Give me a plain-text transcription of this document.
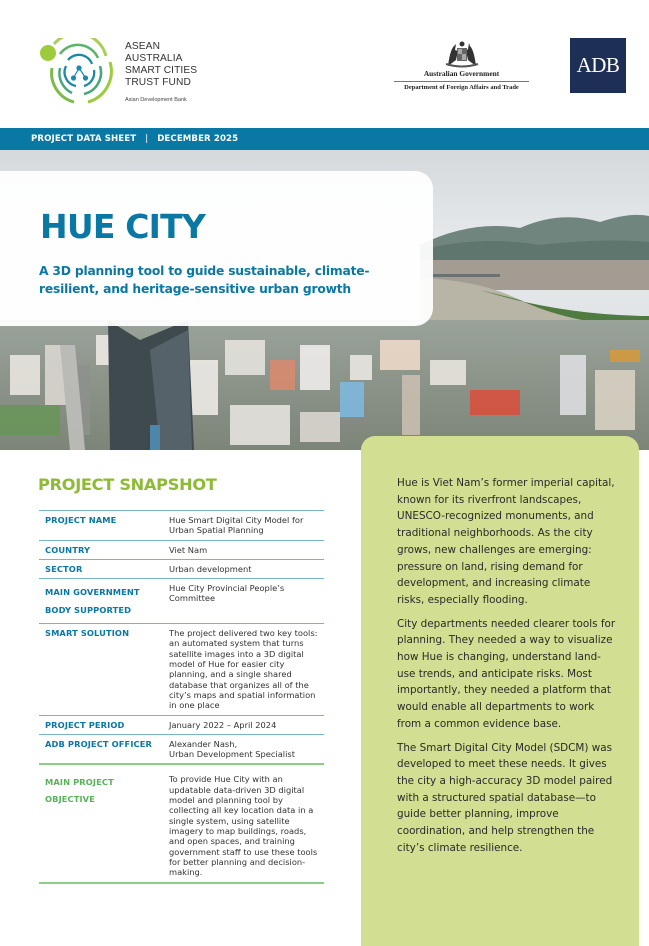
ASEAN
AUSTRALIA
SMART CITIES
TRUST FUND
Asian Development Bank
Australian Government
Department of Foreign Affairs and Trade
ADB
PROJECT DATA SHEET | DECEMBER 2025
HUE CITY

A 3D planning tool to guide sustainable, climate-resilient, and heritage-sensitive urban growth

PROJECT SNAPSHOT
PROJECT NAME	Hue Smart Digital City Model for Urban Spatial Planning
COUNTRY	Viet Nam
SECTOR	Urban development
MAIN GOVERNMENT BODY SUPPORTED	Hue City Provincial People’s Committee
SMART SOLUTION	The project delivered two key tools: an automated system that turns satellite images into a 3D digital model of Hue for easier city planning, and a single shared database that organizes all of the city’s maps and spatial information in one place
PROJECT PERIOD	January 2022 – April 2024
ADB PROJECT OFFICER	Alexander Nash,
Urban Development Specialist

MAIN PROJECT OBJECTIVE	To provide Hue City with an updatable data-driven 3D digital model and planning tool by collecting all key location data in a single system, using satellite imagery to map buildings, roads, and open spaces, and training government staff to use these tools for better planning and decision-making.

Hue is Viet Nam’s former imperial capital, known for its riverfront landscapes, UNESCO-recognized monuments, and traditional neighborhoods. As the city grows, new challenges are emerging: pressure on land, rising demand for development, and increasing climate risks, especially flooding.

City departments needed clearer tools for planning. They needed a way to visualize how Hue is changing, understand land-use trends, and anticipate risks. Most importantly, they needed a platform that would enable all departments to work from a common evidence base.

The Smart Digital City Model (SDCM) was developed to meet these needs. It gives the city a high-accuracy 3D model paired with a structured spatial database—to guide better planning, improve coordination, and help strengthen the city’s climate resilience.
